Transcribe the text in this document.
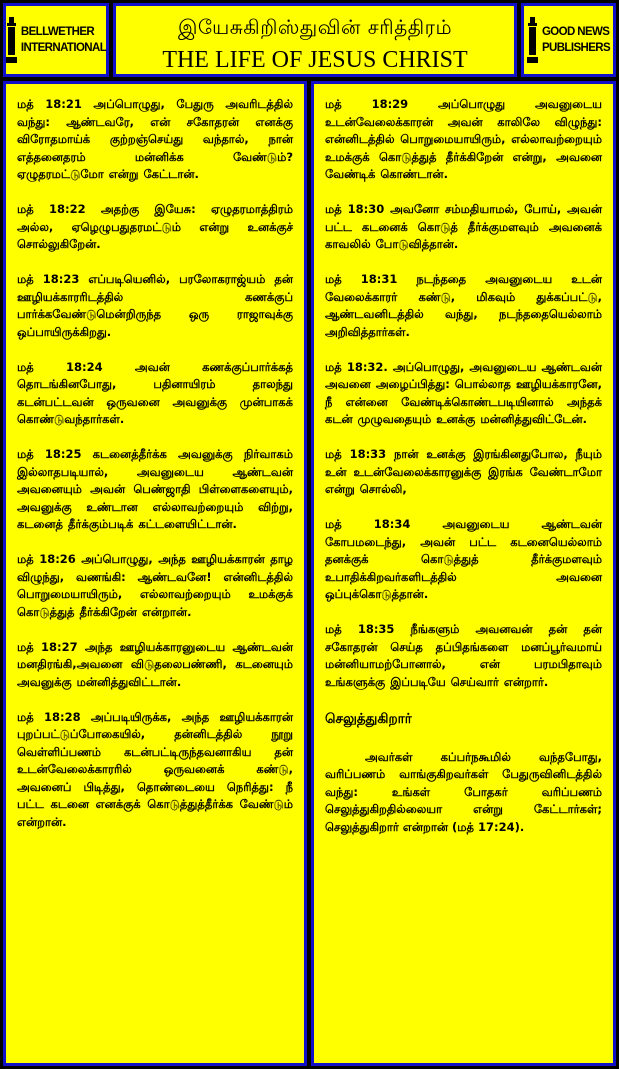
BELLWETHER
INTERNATIONAL
இயேசுகிறிஸ்துவின் சரித்திரம்
THE LIFE OF JESUS CHRIST
GOOD NEWS
PUBLISHERS

மத் 18:21 அப்பொழுது, பேதுரு அவரிடத்தில் வந்து: ஆண்டவரே, என் சகோதரன் எனக்கு விரோதமாய்க் குற்றஞ்செய்து வந்தால், நான் எத்தனைதரம் மன்னிக்க வேண்டும்? ஏழுதரமட்டுமோ என்று கேட்டான்.

மத் 18:22 அதற்கு இயேசு: ஏழுதரமாத்திரம் அல்ல, ஏழெழுபதுதரமட்டும் என்று உனக்குச் சொல்லுகிறேன்.

மத் 18:23 எப்படியெனில், பரலோகராஜ்யம் தன் ஊழியக்காரரிடத்தில் கணக்குப் பார்க்கவேண்டுமென்றிருந்த ஒரு ராஜாவுக்கு ஒப்பாயிருக்கிறது.

மத் 18:24 அவன் கணக்குப்பார்க்கத் தொடங்கினபோது, பதினாயிரம் தாலந்து கடன்பட்டவன் ஒருவனை அவனுக்கு முன்பாகக் கொண்டுவந்தார்கள்.

மத் 18:25 கடனைத்தீர்க்க அவனுக்கு நிர்வாகம் இல்லாதபடியால், அவனுடைய ஆண்டவன் அவனையும் அவன் பெண்ஜாதி பிள்ளைகளையும், அவனுக்கு உண்டான எல்லாவற்றையும் விற்று, கடனைத் தீர்க்கும்படிக் கட்டளையிட்டான்.

மத் 18:26 அப்பொழுது, அந்த ஊழியக்காரன் தாழ விழுந்து, வணங்கி: ஆண்டவனே! என்னிடத்தில் பொறுமையாயிரும், எல்லாவற்றையும் உமக்குக் கொடுத்துத் தீர்க்கிறேன் என்றான்.

மத் 18:27 அந்த ஊழியக்காரனுடைய ஆண்டவன் மனதிரங்கி,அவனை விடுதலைபண்ணி, கடனையும் அவனுக்கு மன்னித்துவிட்டான்.

மத் 18:28 அப்படியிருக்க, அந்த ஊழியக்காரன் புறப்பட்டுப்போகையில், தன்னிடத்தில் நூறு வெள்ளிப்பணம் கடன்பட்டிருந்தவனாகிய தன் உடன்வேலைக்காரரில் ஒருவனைக் கண்டு, அவனைப் பிடித்து, தொண்டையை நெரித்து: நீ பட்ட கடனை எனக்குக் கொடுத்துத்தீர்க்க வேண்டும் என்றான்.

மத் 18:29 அப்பொழுது அவனுடைய உடன்வேலைக்காரன் அவன் காலிலே விழுந்து: என்னிடத்தில் பொறுமையாயிரும், எல்லாவற்றையும் உமக்குக் கொடுத்துத் தீர்க்கிறேன் என்று, அவனை வேண்டிக் கொண்டான்.

மத் 18:30 அவனோ சம்மதியாமல், போய், அவன் பட்ட கடனைக் கொடுத் தீர்க்குமளவும் அவனைக் காவலில் போடுவித்தான்.

மத் 18:31 நடந்ததை அவனுடைய உடன் வேலைக்காரர் கண்டு, மிகவும் துக்கப்பட்டு, ஆண்டவனிடத்தில் வந்து, நடந்ததையெல்லாம் அறிவித்தார்கள்.

மத் 18:32. அப்பொழுது, அவனுடைய ஆண்டவன் அவனை அழைப்பித்து: பொல்லாத ஊழியக்காரனே, நீ என்னை வேண்டிக்கொண்டபடியினால் அந்தக் கடன் முழுவதையும் உனக்கு மன்னித்துவிட்டேன்.

மத் 18:33 நான் உனக்கு இரங்கினதுபோல, நீயும் உன் உடன்வேலைக்காரனுக்கு இரங்க வேண்டாமோ என்று சொல்லி,

மத் 18:34 அவனுடைய ஆண்டவன் கோபமடைந்து, அவன் பட்ட கடனையெல்லாம் தனக்குக் கொடுத்துத் தீர்க்குமளவும் உபாதிக்கிறவர்களிடத்தில் அவனை ஒப்புக்கொடுத்தான்.

மத் 18:35 நீங்களும் அவனவன் தன் தன் சகோதரன் செய்த தப்பிதங்களை மனப்பூர்வமாய் மன்னியாமற்போனால், என் பரமபிதாவும் உங்களுக்கு இப்படியே செய்வார் என்றார்.

செலுத்துகிறார்

அவர்கள் கப்பர்நகூமில் வந்தபோது, வரிப்பணம் வாங்குகிறவர்கள் பேதுருவினிடத்தில் வந்து: உங்கள் போதகர் வரிப்பணம் செலுத்துகிறதில்லையா என்று கேட்டார்கள்; செலுத்துகிறார் என்றான் (மத் 17:24).
